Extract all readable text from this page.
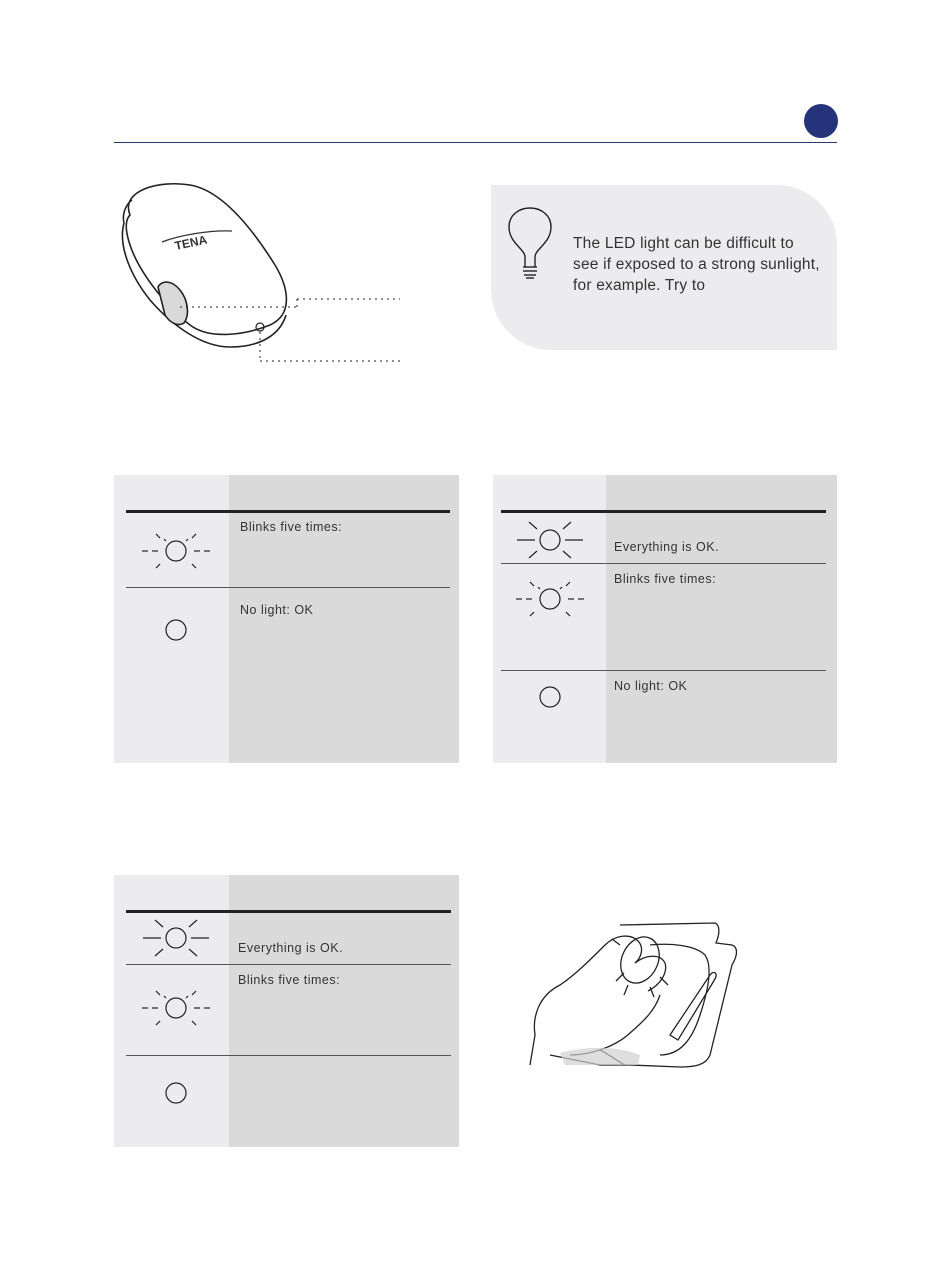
TENA	The LED light can be difficult to see if exposed to a strong sunlight, for example. Try to
Blinks five times:
No light: OK
Everything is OK.
Blinks five times:
No light: OK
Everything is OK.
Blinks five times:
